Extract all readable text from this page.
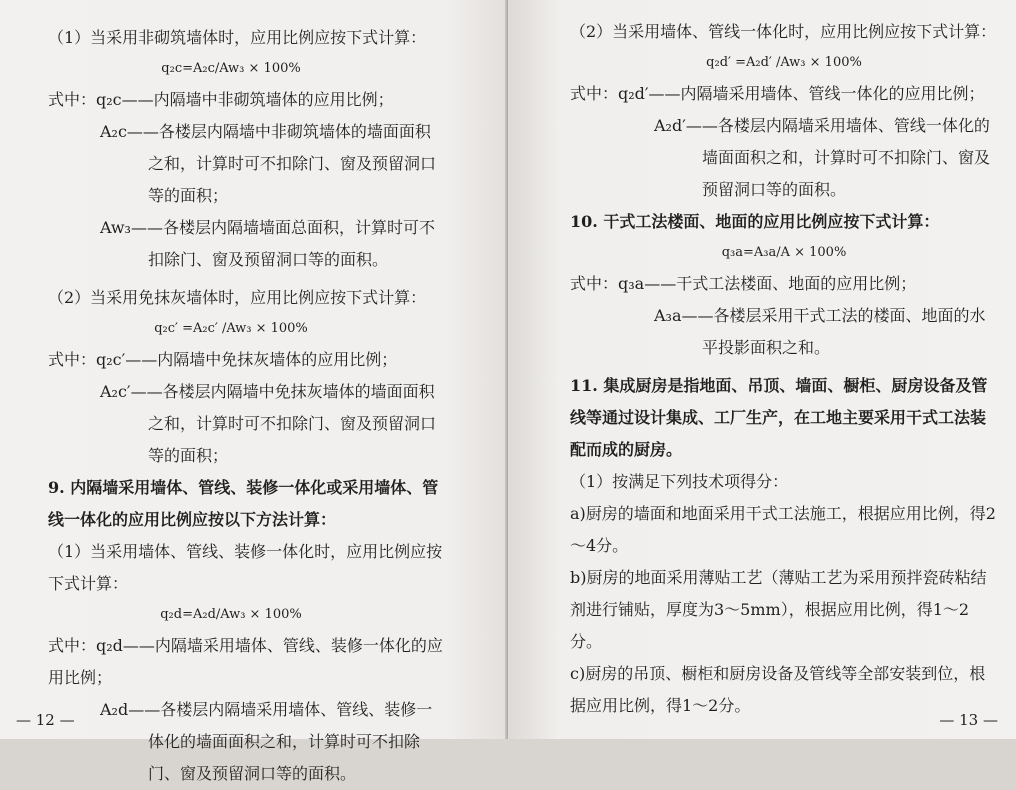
（1）当采用非砌筑墙体时，应用比例应按下式计算：

q₂c=A₂c/Aw₃ × 100%

式中：q₂c——内隔墙中非砌筑墙体的应用比例；

A₂c——各楼层内隔墙中非砌筑墙体的墙面面积之和，计算时可不扣除门、窗及预留洞口等的面积；

Aw₃——各楼层内隔墙墙面总面积，计算时可不扣除门、窗及预留洞口等的面积。

（2）当采用免抹灰墙体时，应用比例应按下式计算：

q₂c′ =A₂c′ /Aw₃ × 100%

式中：q₂c′——内隔墙中免抹灰墙体的应用比例；

A₂c′——各楼层内隔墙中免抹灰墙体的墙面面积之和，计算时可不扣除门、窗及预留洞口等的面积；

9. 内隔墙采用墙体、管线、装修一体化或采用墙体、管线一体化的应用比例应按以下方法计算：

（1）当采用墙体、管线、装修一体化时，应用比例应按下式计算：

q₂d=A₂d/Aw₃ × 100%

式中：q₂d——内隔墙采用墙体、管线、装修一体化的应用比例；

A₂d——各楼层内隔墙采用墙体、管线、装修一体化的墙面面积之和，计算时可不扣除门、窗及预留洞口等的面积。

— 12 —

（2）当采用墙体、管线一体化时，应用比例应按下式计算：

q₂d′ =A₂d′ /Aw₃ × 100%

式中：q₂d′——内隔墙采用墙体、管线一体化的应用比例；

A₂d′——各楼层内隔墙采用墙体、管线一体化的墙面面积之和，计算时可不扣除门、窗及预留洞口等的面积。

10. 干式工法楼面、地面的应用比例应按下式计算：

q₃a=A₃a/A × 100%

式中：q₃a——干式工法楼面、地面的应用比例；

A₃a——各楼层采用干式工法的楼面、地面的水平投影面积之和。

11. 集成厨房是指地面、吊顶、墙面、橱柜、厨房设备及管线等通过设计集成、工厂生产，在工地主要采用干式工法装配而成的厨房。

（1）按满足下列技术项得分：

a)厨房的墙面和地面采用干式工法施工，根据应用比例，得2～4分。

b)厨房的地面采用薄贴工艺（薄贴工艺为采用预拌瓷砖粘结剂进行铺贴，厚度为3～5mm），根据应用比例，得1～2分。

c)厨房的吊顶、橱柜和厨房设备及管线等全部安装到位，根据应用比例，得1～2分。

— 13 —
